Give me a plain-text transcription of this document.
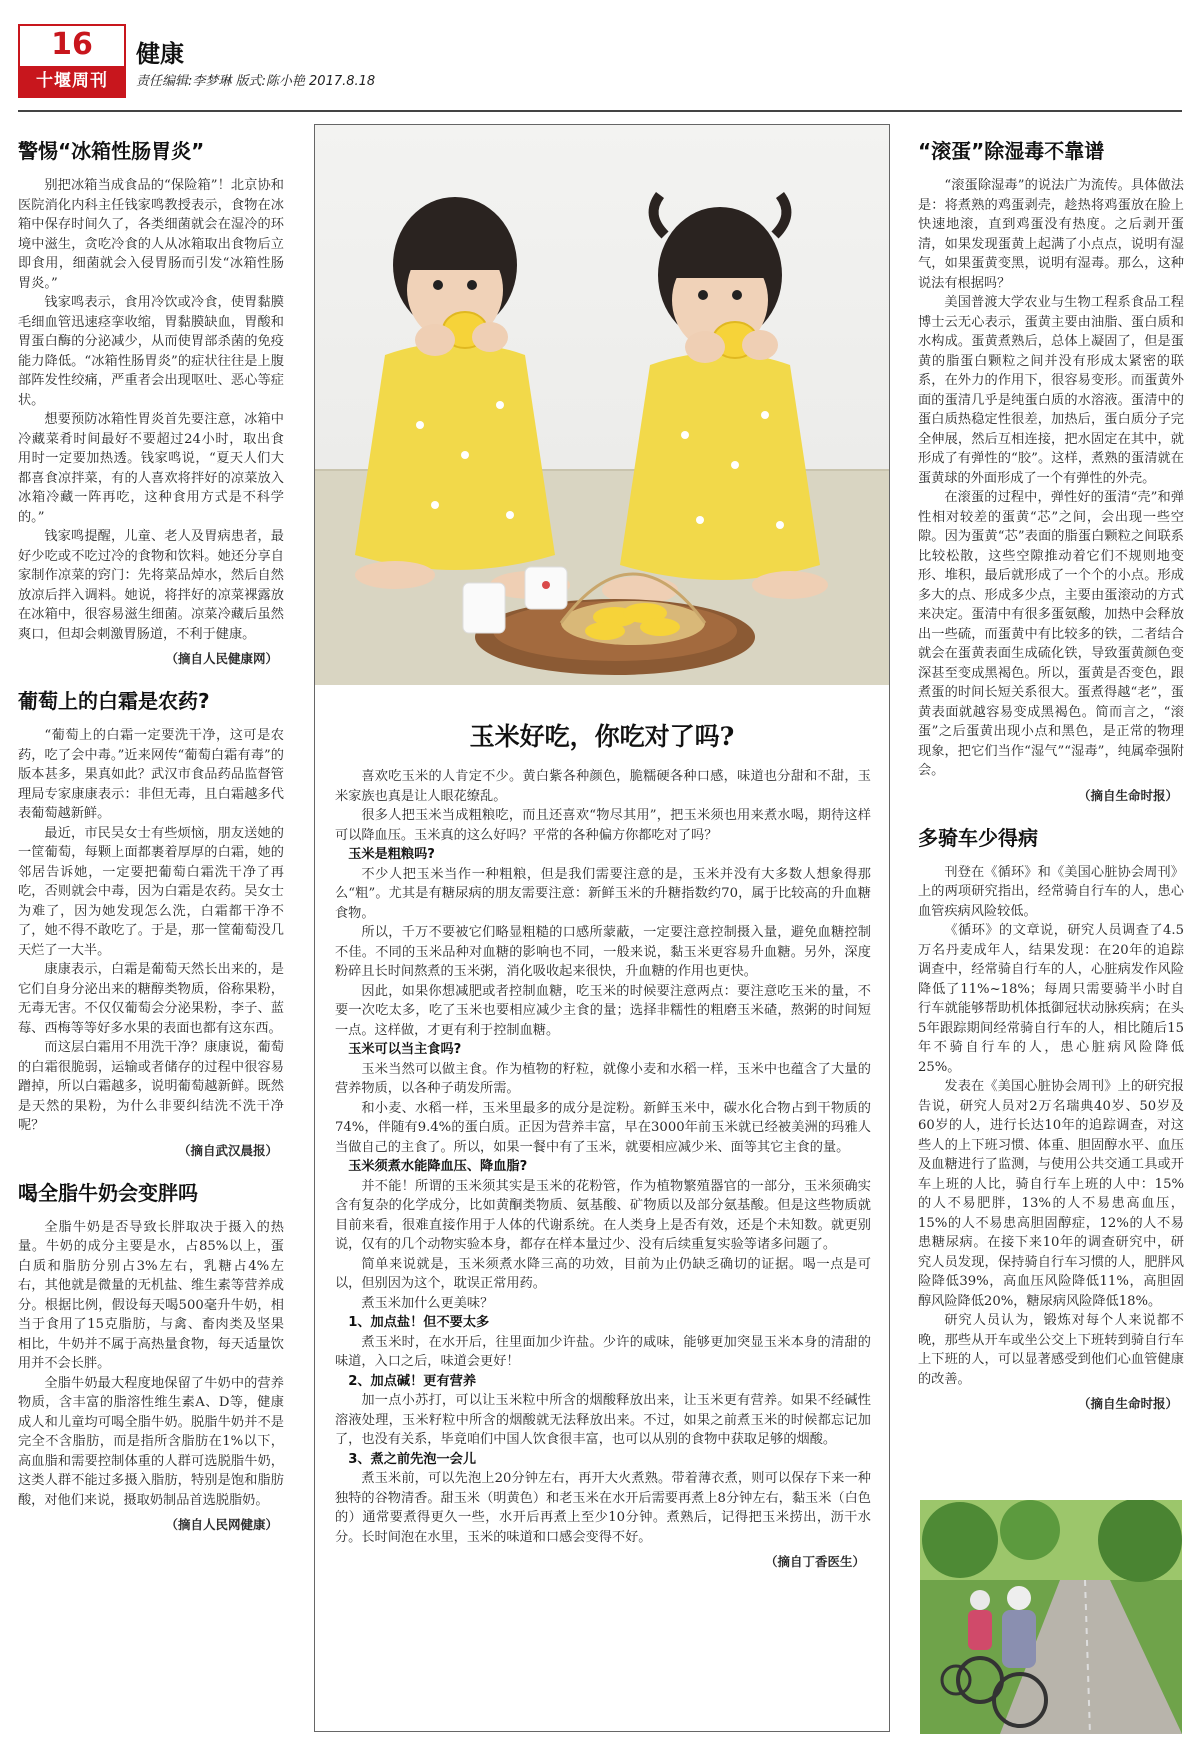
16
十堰周刊
健康
责任编辑:李梦琳 版式:陈小艳 2017.8.18
警惕“冰箱性肠胃炎”

别把冰箱当成食品的“保险箱”！北京协和医院消化内科主任钱家鸣教授表示，食物在冰箱中保存时间久了，各类细菌就会在湿冷的环境中滋生，贪吃冷食的人从冰箱取出食物后立即食用，细菌就会入侵胃肠而引发“冰箱性肠胃炎。”

钱家鸣表示，食用冷饮或冷食，使胃黏膜毛细血管迅速痉挛收缩，胃黏膜缺血，胃酸和胃蛋白酶的分泌减少，从而使胃部杀菌的免疫能力降低。“冰箱性肠胃炎”的症状往往是上腹部阵发性绞痛，严重者会出现呕吐、恶心等症状。

想要预防冰箱性胃炎首先要注意，冰箱中冷藏菜肴时间最好不要超过24小时，取出食用时一定要加热透。钱家鸣说，“夏天人们大都喜食凉拌菜，有的人喜欢将拌好的凉菜放入冰箱冷藏一阵再吃，这种食用方式是不科学的。”

钱家鸣提醒，儿童、老人及胃病患者，最好少吃或不吃过冷的食物和饮料。她还分享自家制作凉菜的窍门：先将菜品焯水，然后自然放凉后拌入调料。她说，将拌好的凉菜裸露放在冰箱中，很容易滋生细菌。凉菜冷藏后虽然爽口，但却会刺激胃肠道，不利于健康。

（摘自人民健康网）
葡萄上的白霜是农药?

“葡萄上的白霜一定要洗干净，这可是农药，吃了会中毒。”近来网传“葡萄白霜有毒”的版本甚多，果真如此？武汉市食品药品监督管理局专家康康表示：非但无毒，且白霜越多代表葡萄越新鲜。

最近，市民吴女士有些烦恼，朋友送她的一筐葡萄，每颗上面都裹着厚厚的白霜，她的邻居告诉她，一定要把葡萄白霜洗干净了再吃，否则就会中毒，因为白霜是农药。吴女士为难了，因为她发现怎么洗，白霜都干净不了，她不得不敢吃了。于是，那一筐葡萄没几天烂了一大半。

康康表示，白霜是葡萄天然长出来的，是它们自身分泌出来的糖醇类物质，俗称果粉，无毒无害。不仅仅葡萄会分泌果粉，李子、蓝莓、西梅等等好多水果的表面也都有这东西。

而这层白霜用不用洗干净？康康说，葡萄的白霜很脆弱，运输或者储存的过程中很容易蹭掉，所以白霜越多，说明葡萄越新鲜。既然是天然的果粉，为什么非要纠结洗不洗干净呢？

（摘自武汉晨报）
喝全脂牛奶会变胖吗

全脂牛奶是否导致长胖取决于摄入的热量。牛奶的成分主要是水，占85%以上，蛋白质和脂肪分别占3%左右，乳糖占4%左右，其他就是微量的无机盐、维生素等营养成分。根据比例，假设每天喝500毫升牛奶，相当于食用了15克脂肪，与禽、畜肉类及坚果相比，牛奶并不属于高热量食物，每天适量饮用并不会长胖。

全脂牛奶最大程度地保留了牛奶中的营养物质，含丰富的脂溶性维生素A、D等，健康成人和儿童均可喝全脂牛奶。脱脂牛奶并不是完全不含脂肪，而是指所含脂肪在1%以下，高血脂和需要控制体重的人群可选脱脂牛奶，这类人群不能过多摄入脂肪，特别是饱和脂肪酸，对他们来说，摄取奶制品首选脱脂奶。

（摘自人民网健康）
玉米好吃，你吃对了吗?

喜欢吃玉米的人肯定不少。黄白紫各种颜色，脆糯硬各种口感，味道也分甜和不甜，玉米家族也真是让人眼花缭乱。

很多人把玉米当成粗粮吃，而且还喜欢“物尽其用”，把玉米须也用来煮水喝，期待这样可以降血压。玉米真的这么好吗？平常的各种偏方你都吃对了吗？

玉米是粗粮吗?

不少人把玉米当作一种粗粮，但是我们需要注意的是，玉米并没有大多数人想象得那么“粗”。尤其是有糖尿病的朋友需要注意：新鲜玉米的升糖指数约70，属于比较高的升血糖食物。

所以，千万不要被它们略显粗糙的口感所蒙蔽，一定要注意控制摄入量，避免血糖控制不佳。不同的玉米品种对血糖的影响也不同，一般来说，黏玉米更容易升血糖。另外，深度粉碎且长时间熬煮的玉米粥，消化吸收起来很快，升血糖的作用也更快。

因此，如果你想减肥或者控制血糖，吃玉米的时候要注意两点：要注意吃玉米的量，不要一次吃太多，吃了玉米也要相应减少主食的量；选择非糯性的粗磨玉米碴，熬粥的时间短一点。这样做，才更有利于控制血糖。

玉米可以当主食吗?

玉米当然可以做主食。作为植物的籽粒，就像小麦和水稻一样，玉米中也蕴含了大量的营养物质，以各种子萌发所需。

和小麦、水稻一样，玉米里最多的成分是淀粉。新鲜玉米中，碳水化合物占到干物质的74%，伴随有9.4%的蛋白质。正因为营养丰富，早在3000年前玉米就已经被美洲的玛雅人当做自己的主食了。所以，如果一餐中有了玉米，就要相应减少米、面等其它主食的量。

玉米须煮水能降血压、降血脂?

并不能！所谓的玉米须其实是玉米的花粉管，作为植物繁殖器官的一部分，玉米须确实含有复杂的化学成分，比如黄酮类物质、氨基酸、矿物质以及部分氨基酸。但是这些物质就目前来看，很难直接作用于人体的代谢系统。在人类身上是否有效，还是个未知数。就更别说，仅有的几个动物实验本身，都存在样本量过少、没有后续重复实验等诸多问题了。

简单来说就是，玉米须煮水降三高的功效，目前为止仍缺乏确切的证据。喝一点是可以，但别因为这个，耽误正常用药。

煮玉米加什么更美味？

1、加点盐！但不要太多

煮玉米时，在水开后，往里面加少许盐。少许的咸味，能够更加突显玉米本身的清甜的味道，入口之后，味道会更好！

2、加点碱！更有营养

加一点小苏打，可以让玉米粒中所含的烟酸释放出来，让玉米更有营养。如果不经碱性溶液处理，玉米籽粒中所含的烟酸就无法释放出来。不过，如果之前煮玉米的时候都忘记加了，也没有关系，毕竟咱们中国人饮食很丰富，也可以从别的食物中获取足够的烟酸。

3、煮之前先泡一会儿

煮玉米前，可以先泡上20分钟左右，再开大火煮熟。带着薄衣煮，则可以保存下来一种独特的谷物清香。甜玉米（明黄色）和老玉米在水开后需要再煮上8分钟左右，黏玉米（白色的）通常要煮得更久一些，水开后再煮上至少10分钟。煮熟后，记得把玉米捞出，沥干水分。长时间泡在水里，玉米的味道和口感会变得不好。

（摘自丁香医生）
“滚蛋”除湿毒不靠谱

“滚蛋除湿毒”的说法广为流传。具体做法是：将煮熟的鸡蛋剥壳，趁热将鸡蛋放在脸上快速地滚，直到鸡蛋没有热度。之后剥开蛋清，如果发现蛋黄上起满了小点点，说明有湿气，如果蛋黄变黑，说明有湿毒。那么，这种说法有根据吗？

美国普渡大学农业与生物工程系食品工程博士云无心表示，蛋黄主要由油脂、蛋白质和水构成。蛋黄煮熟后，总体上凝固了，但是蛋黄的脂蛋白颗粒之间并没有形成太紧密的联系，在外力的作用下，很容易变形。而蛋黄外面的蛋清几乎是纯蛋白质的水溶液。蛋清中的蛋白质热稳定性很差，加热后，蛋白质分子完全伸展，然后互相连接，把水固定在其中，就形成了有弹性的“胶”。这样，煮熟的蛋清就在蛋黄球的外面形成了一个有弹性的外壳。

在滚蛋的过程中，弹性好的蛋清“壳”和弹性相对较差的蛋黄“芯”之间，会出现一些空隙。因为蛋黄“芯”表面的脂蛋白颗粒之间联系比较松散，这些空隙推动着它们不规则地变形、堆积，最后就形成了一个个的小点。形成多大的点、形成多少点，主要由蛋滚动的方式来决定。蛋清中有很多蛋氨酸，加热中会释放出一些硫，而蛋黄中有比较多的铁，二者结合就会在蛋黄表面生成硫化铁，导致蛋黄颜色变深甚至变成黑褐色。所以，蛋黄是否变色，跟煮蛋的时间长短关系很大。蛋煮得越“老”，蛋黄表面就越容易变成黑褐色。简而言之，“滚蛋”之后蛋黄出现小点和黑色，是正常的物理现象，把它们当作“湿气”“湿毒”，纯属牵强附会。

（摘自生命时报）
多骑车少得病

刊登在《循环》和《美国心脏协会周刊》上的两项研究指出，经常骑自行车的人，患心血管疾病风险较低。

《循环》的文章说，研究人员调查了4.5万名丹麦成年人，结果发现：在20年的追踪调查中，经常骑自行车的人，心脏病发作风险降低了11%~18%；每周只需要骑半小时自行车就能够帮助机体抵御冠状动脉疾病；在头5年跟踪期间经常骑自行车的人，相比随后15年不骑自行车的人，患心脏病风险降低25%。

发表在《美国心脏协会周刊》上的研究报告说，研究人员对2万名瑞典40岁、50岁及60岁的人，进行长达10年的追踪调查，对这些人的上下班习惯、体重、胆固醇水平、血压及血糖进行了监测，与使用公共交通工具或开车上班的人比，骑自行车上班的人中：15%的人不易肥胖，13%的人不易患高血压，15%的人不易患高胆固醇症，12%的人不易患糖尿病。在接下来10年的调查研究中，研究人员发现，保持骑自行车习惯的人，肥胖风险降低39%，高血压风险降低11%，高胆固醇风险降低20%，糖尿病风险降低18%。

研究人员认为，锻炼对每个人来说都不晚，那些从开车或坐公交上下班转到骑自行车上下班的人，可以显著感受到他们心血管健康的改善。

（摘自生命时报）
